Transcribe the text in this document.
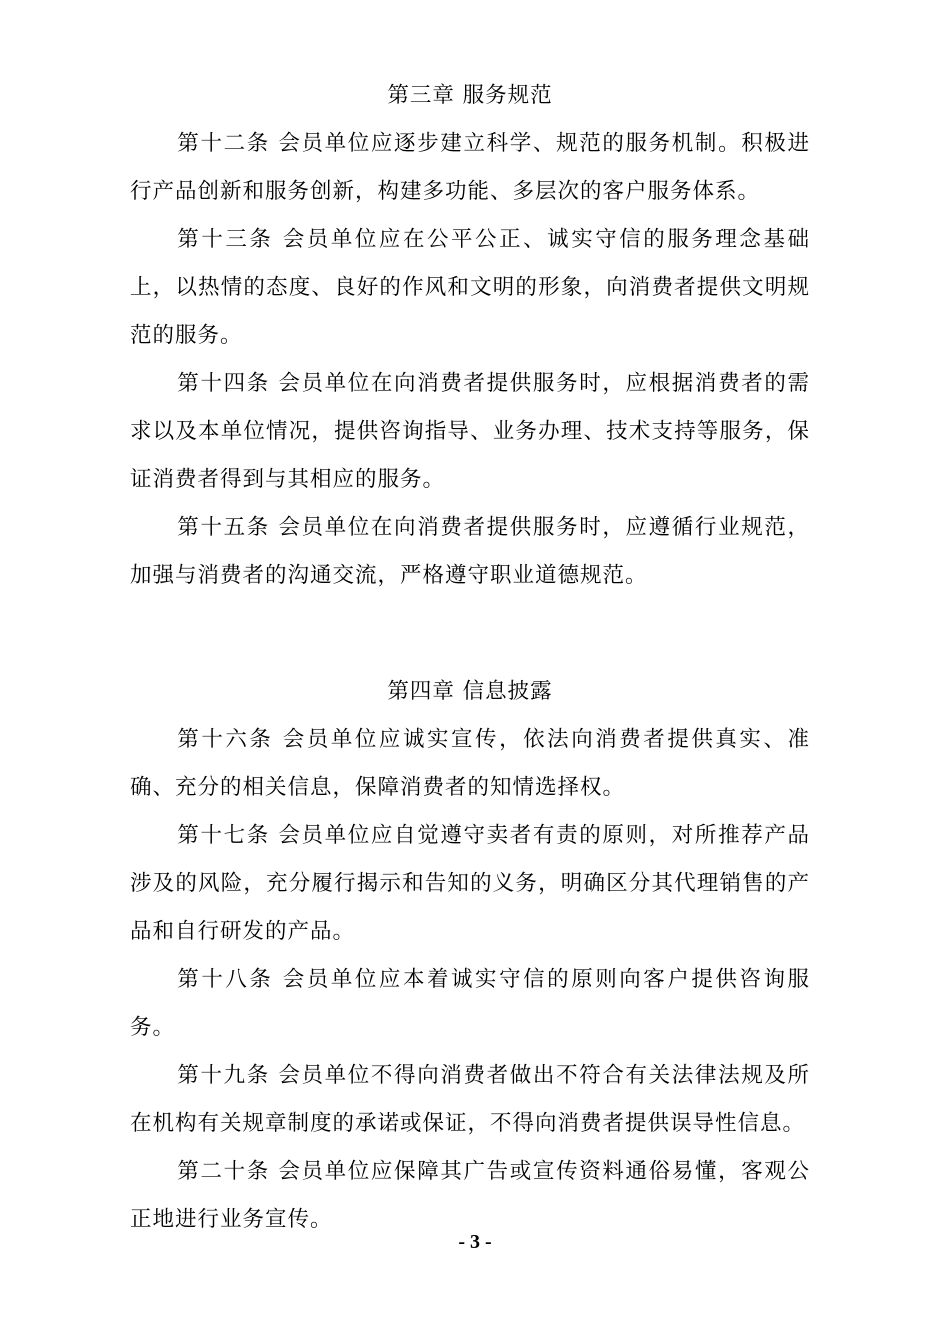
第三章 服务规范

第十二条 会员单位应逐步建立科学、规范的服务机制。积极进行产品创新和服务创新，构建多功能、多层次的客户服务体系。

第十三条 会员单位应在公平公正、诚实守信的服务理念基础上，以热情的态度、良好的作风和文明的形象，向消费者提供文明规范的服务。

第十四条 会员单位在向消费者提供服务时，应根据消费者的需求以及本单位情况，提供咨询指导、业务办理、技术支持等服务，保证消费者得到与其相应的服务。

第十五条 会员单位在向消费者提供服务时，应遵循行业规范，加强与消费者的沟通交流，严格遵守职业道德规范。

第四章 信息披露

第十六条 会员单位应诚实宣传，依法向消费者提供真实、准确、充分的相关信息，保障消费者的知情选择权。

第十七条 会员单位应自觉遵守卖者有责的原则，对所推荐产品涉及的风险，充分履行揭示和告知的义务，明确区分其代理销售的产品和自行研发的产品。

第十八条 会员单位应本着诚实守信的原则向客户提供咨询服务。

第十九条 会员单位不得向消费者做出不符合有关法律法规及所在机构有关规章制度的承诺或保证，不得向消费者提供误导性信息。

第二十条 会员单位应保障其广告或宣传资料通俗易懂，客观公正地进行业务宣传。

- 3 -
